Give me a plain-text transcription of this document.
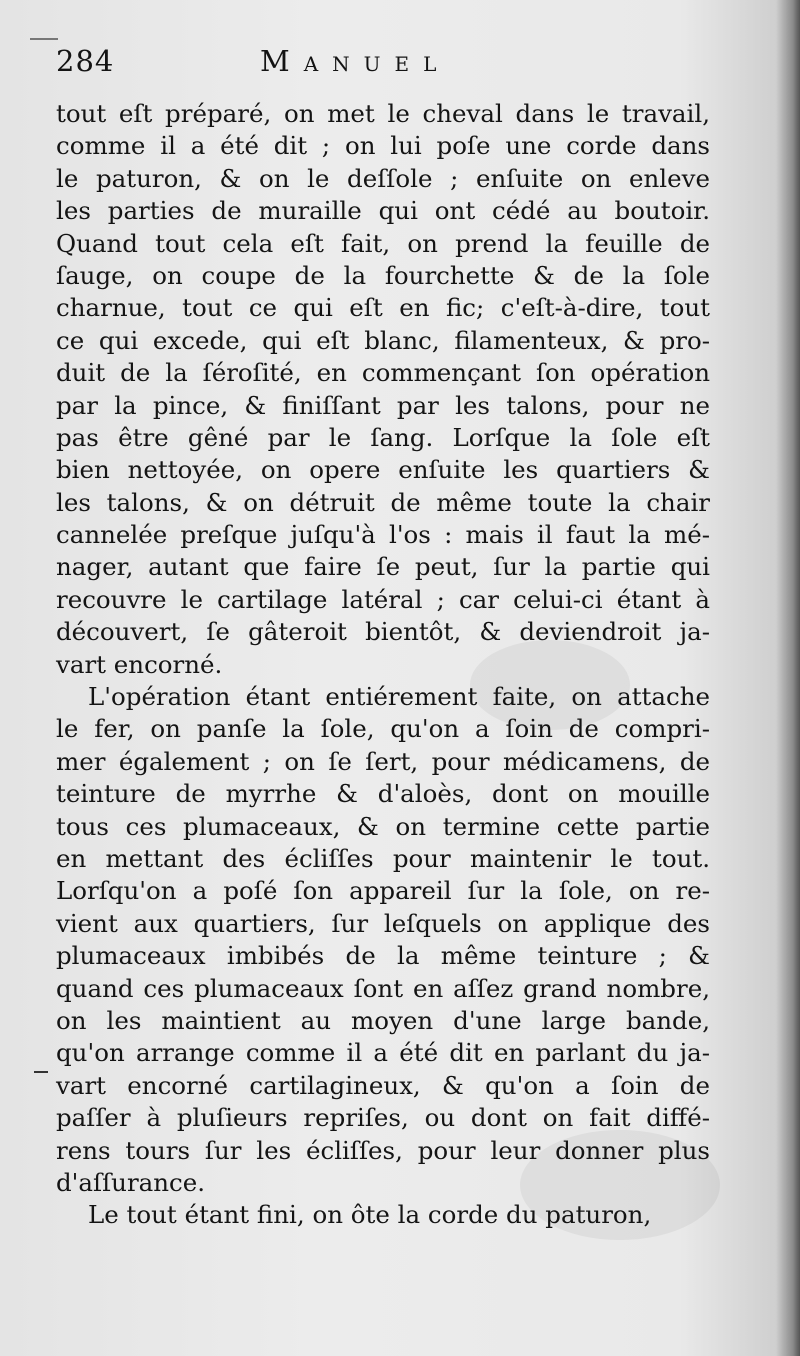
284	Manuel
tout eſt préparé, on met le cheval dans le travail,
comme il a été dit ; on lui poſe une corde dans
le paturon, & on le deſſole ; enſuite on enleve
les parties de muraille qui ont cédé au boutoir.
Quand tout cela eſt fait, on prend la feuille de
ſauge, on coupe de la fourchette & de la ſole
charnue, tout ce qui eſt en fic; c'eſt-à-dire, tout
ce qui excede, qui eſt blanc, filamenteux, & pro-
duit de la ſéroſité, en commençant ſon opération
par la pince, & finiſſant par les talons, pour ne
pas être gêné par le ſang. Lorſque la ſole eſt
bien nettoyée, on opere enſuite les quartiers &
les talons, & on détruit de même toute la chair
cannelée preſque juſqu'à l'os : mais il faut la mé-
nager, autant que faire ſe peut, ſur la partie qui
recouvre le cartilage latéral ; car celui-ci étant à
découvert, ſe gâteroit bientôt, & deviendroit ja-
vart encorné.
L'opération étant entiérement faite, on attache
le fer, on panſe la ſole, qu'on a ſoin de compri-
mer également ; on ſe ſert, pour médicamens, de
teinture de myrrhe & d'aloès, dont on mouille
tous ces plumaceaux, & on termine cette partie
en mettant des écliſſes pour maintenir le tout.
Lorſqu'on a poſé ſon appareil ſur la ſole, on re-
vient aux quartiers, ſur leſquels on applique des
plumaceaux imbibés de la même teinture ; &
quand ces plumaceaux ſont en aſſez grand nombre,
on les maintient au moyen d'une large bande,
qu'on arrange comme il a été dit en parlant du ja-
vart encorné cartilagineux, & qu'on a ſoin de
paſſer à pluſieurs repriſes, ou dont on fait diffé-
rens tours ſur les écliſſes, pour leur donner plus
d'aſſurance.
Le tout étant fini, on ôte la corde du paturon,
